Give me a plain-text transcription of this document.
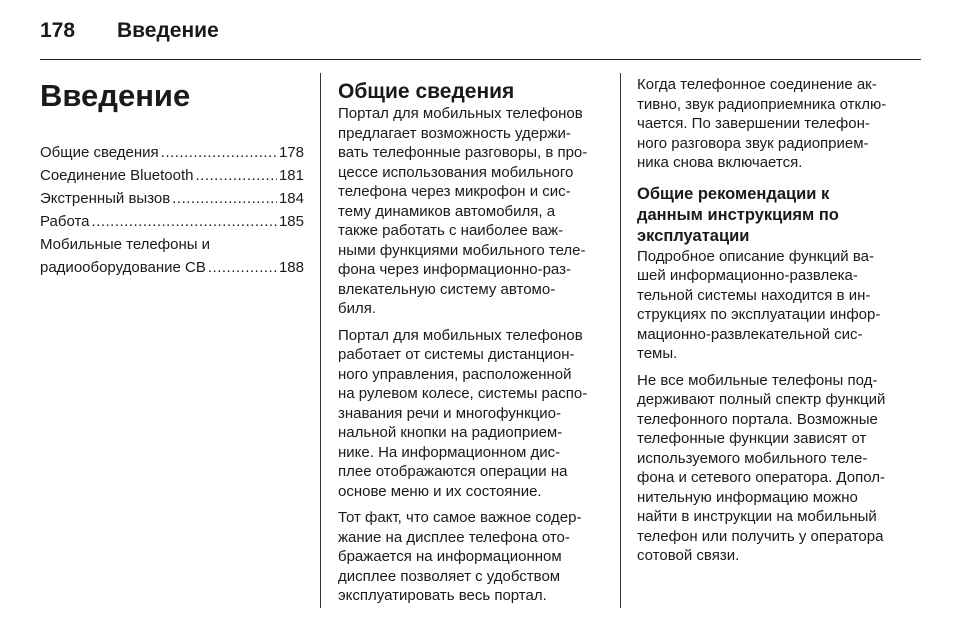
178 Введение
Введение
Общие сведения .....	178
Соединение Bluetooth .....	181
Экстренный вызов .....	184
Работа .....	185
Мобильные телефоны и
радиооборудование СВ .....	188
Общие сведения

Портал для мобильных телефонов
предлагает возможность удержи-
вать телефонные разговоры, в про-
цессе использования мобильного
телефона через микрофон и сис-
тему динамиков автомобиля, а
также работать с наиболее важ-
ными функциями мобильного теле-
фона через информационно-раз-
влекательную систему автомо-
биля.

Портал для мобильных телефонов
работает от системы дистанцион-
ного управления, расположенной
на рулевом колесе, системы распо-
знавания речи и многофункцио-
нальной кнопки на радиоприем-
нике. На информационном дис-
плее отображаются операции на
основе меню и их состояние.

Тот факт, что самое важное содер-
жание на дисплее телефона ото-
бражается на информационном
дисплее позволяет с удобством
эксплуатировать весь портал.

Когда телефонное соединение ак-
тивно, звук радиоприемника отклю-
чается. По завершении телефон-
ного разговора звук радиоприем-
ника снова включается.

Общие рекомендации к
данным инструкциям по
эксплуатации

Подробное описание функций ва-
шей информационно-развлека-
тельной системы находится в ин-
струкциях по эксплуатации инфор-
мационно-развлекательной сис-
темы.

Не все мобильные телефоны под-
держивают полный спектр функций
телефонного портала. Возможные
телефонные функции зависят от
используемого мобильного теле-
фона и сетевого оператора. Допол-
нительную информацию можно
найти в инструкции на мобильный
телефон или получить у оператора
сотовой связи.
